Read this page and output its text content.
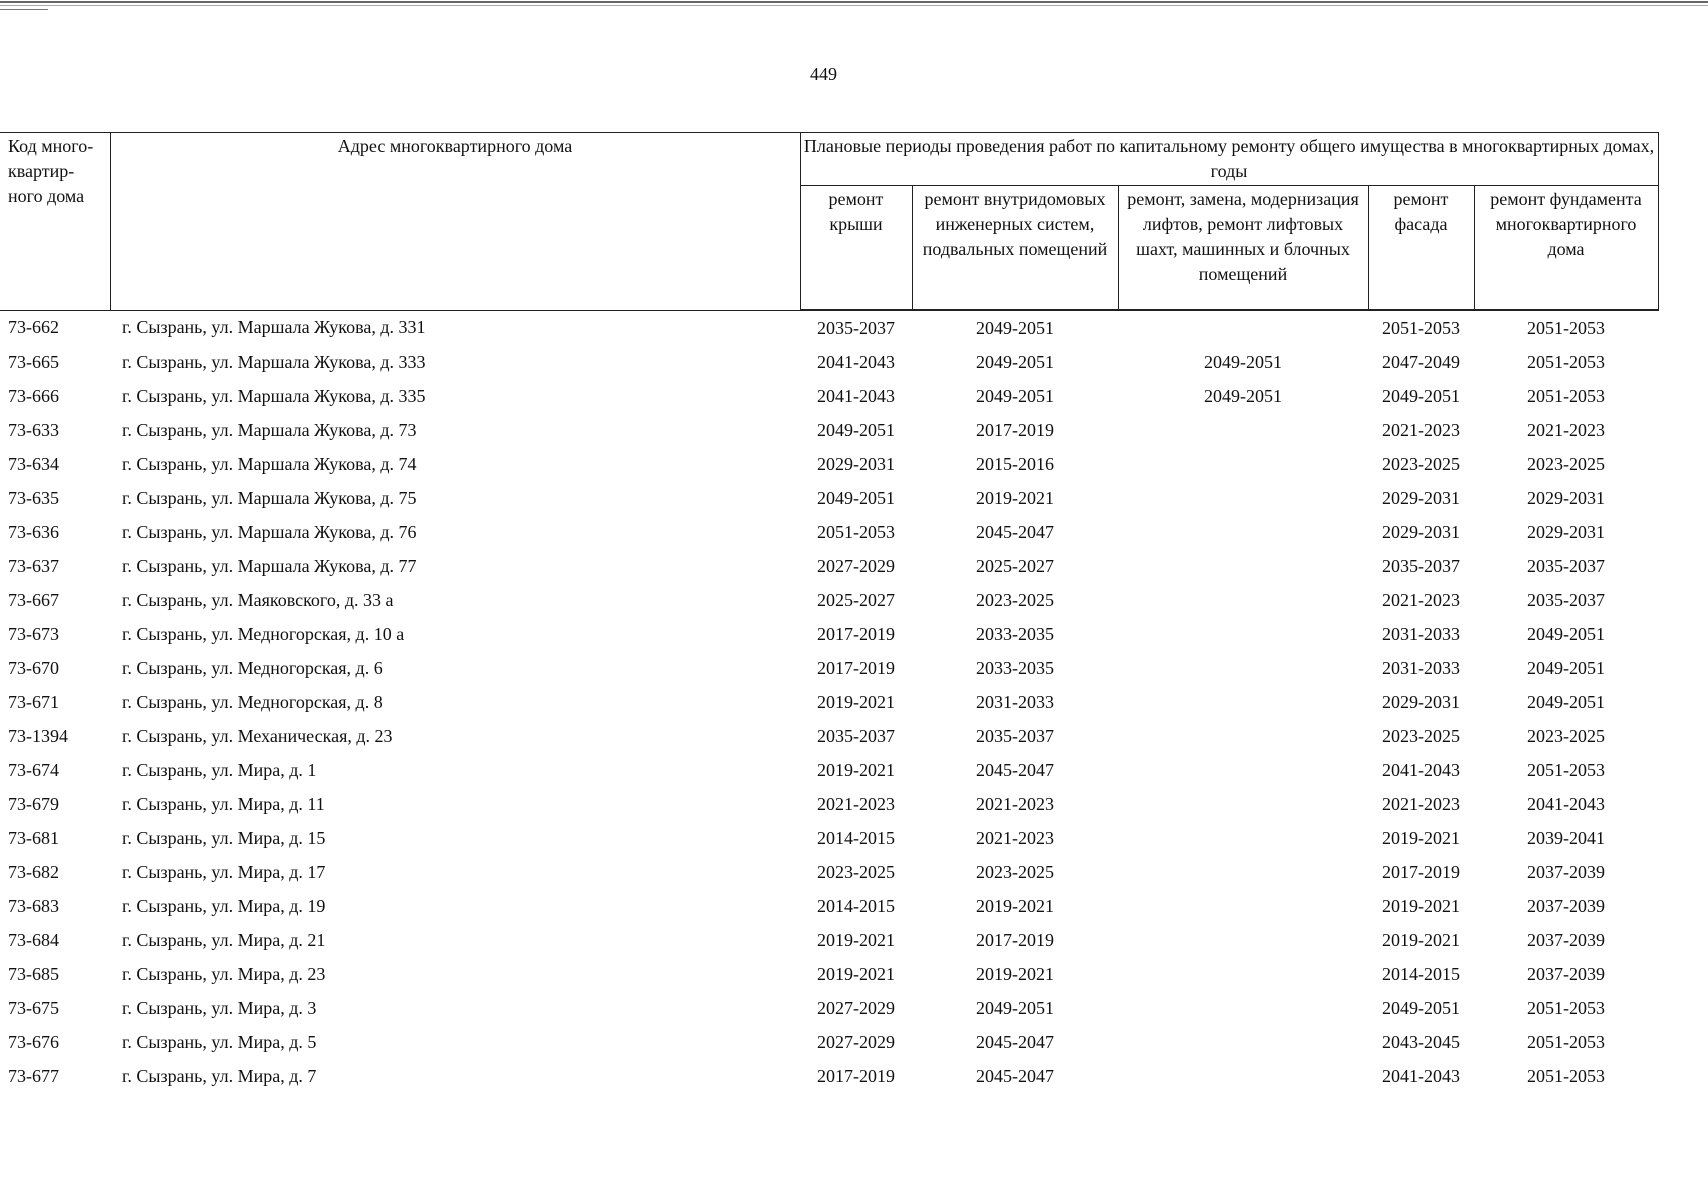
449
Код много-квартир-ного дома	Адрес многоквартирного дома	Плановые периоды проведения работ по капитальному ремонту общего имущества в многоквартирных домах, годы				
		ремонт крыши	ремонт внутридомовых инженерных систем, подвальных помещений	ремонт, замена, модернизация лифтов, ремонт лифтовых шахт, машинных и блочных помещений	ремонт фасада	ремонт фундамента многоквартирного дома
73-662	г. Сызрань, ул. Маршала Жукова, д. 331	2035-2037	2049-2051		2051-2053	2051-2053
73-665	г. Сызрань, ул. Маршала Жукова, д. 333	2041-2043	2049-2051	2049-2051	2047-2049	2051-2053
73-666	г. Сызрань, ул. Маршала Жукова, д. 335	2041-2043	2049-2051	2049-2051	2049-2051	2051-2053
73-633	г. Сызрань, ул. Маршала Жукова, д. 73	2049-2051	2017-2019		2021-2023	2021-2023
73-634	г. Сызрань, ул. Маршала Жукова, д. 74	2029-2031	2015-2016		2023-2025	2023-2025
73-635	г. Сызрань, ул. Маршала Жукова, д. 75	2049-2051	2019-2021		2029-2031	2029-2031
73-636	г. Сызрань, ул. Маршала Жукова, д. 76	2051-2053	2045-2047		2029-2031	2029-2031
73-637	г. Сызрань, ул. Маршала Жукова, д. 77	2027-2029	2025-2027		2035-2037	2035-2037
73-667	г. Сызрань, ул. Маяковского, д. 33 а	2025-2027	2023-2025		2021-2023	2035-2037
73-673	г. Сызрань, ул. Медногорская, д. 10 а	2017-2019	2033-2035		2031-2033	2049-2051
73-670	г. Сызрань, ул. Медногорская, д. 6	2017-2019	2033-2035		2031-2033	2049-2051
73-671	г. Сызрань, ул. Медногорская, д. 8	2019-2021	2031-2033		2029-2031	2049-2051
73-1394	г. Сызрань, ул. Механическая, д. 23	2035-2037	2035-2037		2023-2025	2023-2025
73-674	г. Сызрань, ул. Мира, д. 1	2019-2021	2045-2047		2041-2043	2051-2053
73-679	г. Сызрань, ул. Мира, д. 11	2021-2023	2021-2023		2021-2023	2041-2043
73-681	г. Сызрань, ул. Мира, д. 15	2014-2015	2021-2023		2019-2021	2039-2041
73-682	г. Сызрань, ул. Мира, д. 17	2023-2025	2023-2025		2017-2019	2037-2039
73-683	г. Сызрань, ул. Мира, д. 19	2014-2015	2019-2021		2019-2021	2037-2039
73-684	г. Сызрань, ул. Мира, д. 21	2019-2021	2017-2019		2019-2021	2037-2039
73-685	г. Сызрань, ул. Мира, д. 23	2019-2021	2019-2021		2014-2015	2037-2039
73-675	г. Сызрань, ул. Мира, д. 3	2027-2029	2049-2051		2049-2051	2051-2053
73-676	г. Сызрань, ул. Мира, д. 5	2027-2029	2045-2047		2043-2045	2051-2053
73-677	г. Сызрань, ул. Мира, д. 7	2017-2019	2045-2047		2041-2043	2051-2053
